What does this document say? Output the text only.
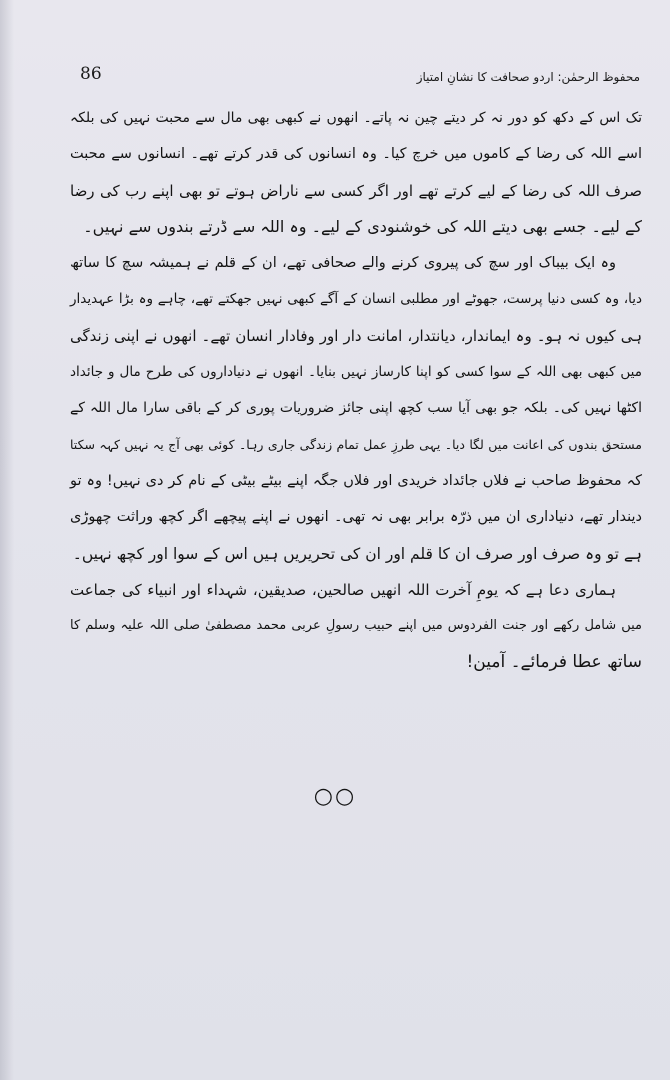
86	محفوظ الرحمٰن: اردو صحافت کا نشانِ امتیاز
تک اس کے دکھ کو دور نہ کر دیتے چین نہ پاتے۔ انھوں نے کبھی بھی مال سے محبت نہیں کی بلکہ
اسے اللہ کی رضا کے کاموں میں خرچ کیا۔ وہ انسانوں کی قدر کرتے تھے۔ انسانوں سے محبت
صرف اللہ کی رضا کے لیے کرتے تھے اور اگر کسی سے ناراض ہوتے تو بھی اپنے رب کی رضا
کے لیے۔ جسے بھی دیتے اللہ کی خوشنودی کے لیے۔ وہ اللہ سے ڈرتے بندوں سے نہیں۔
وہ ایک بیباک اور سچ کی پیروی کرنے والے صحافی تھے، ان کے قلم نے ہمیشہ سچ کا ساتھ
دیا، وہ کسی دنیا پرست، جھوٹے اور مطلبی انسان کے آگے کبھی نہیں جھکتے تھے، چاہے وہ بڑا عہدیدار
ہی کیوں نہ ہو۔ وہ ایماندار، دیانتدار، امانت دار اور وفادار انسان تھے۔ انھوں نے اپنی زندگی
میں کبھی بھی اللہ کے سوا کسی کو اپنا کارساز نہیں بنایا۔ انھوں نے دنیاداروں کی طرح مال و جائداد
اکٹھا نہیں کی۔ بلکہ جو بھی آیا سب کچھ اپنی جائز ضروریات پوری کر کے باقی سارا مال اللہ کے
مستحق بندوں کی اعانت میں لگا دیا۔ یہی طرزِ عمل تمام زندگی جاری رہا۔ کوئی بھی آج یہ نہیں کہہ سکتا
کہ محفوظ صاحب نے فلاں جائداد خریدی اور فلاں جگہ اپنے بیٹے بیٹی کے نام کر دی نہیں! وہ تو
دیندار تھے، دنیاداری ان میں ذرّہ برابر بھی نہ تھی۔ انھوں نے اپنے پیچھے اگر کچھ وراثت چھوڑی
ہے تو وہ صرف اور صرف ان کا قلم اور ان کی تحریریں ہیں اس کے سوا اور کچھ نہیں۔
ہماری دعا ہے کہ یومِ آخرت اللہ انھیں صالحین، صدیقین، شہداء اور انبیاء کی جماعت
میں شامل رکھے اور جنت الفردوس میں اپنے حبیب رسولِ عربی محمد مصطفیٰ صلی اللہ علیہ وسلم کا
ساتھ عطا فرمائے۔ آمین!
○○
